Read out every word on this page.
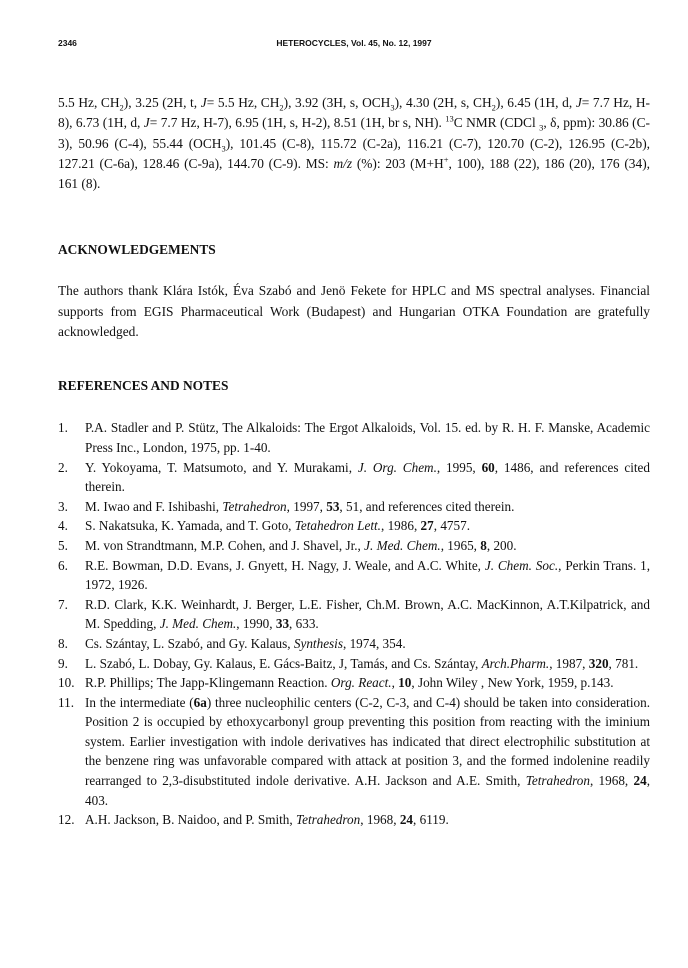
2346	HETEROCYCLES, Vol. 45, No. 12, 1997

5.5 Hz, $CH_2$), 3.25 (2H, t, J= 5.5 Hz, $CH_2$), 3.92 (3H, s, $OCH_3$), 4.30 (2H, s, $CH_2$), 6.45 (1H, d, J= 7.7 Hz, H-8), 6.73 (1H, d, J= 7.7 Hz, H-7), 6.95 (1H, s, H-2), 8.51 (1H, br s, NH). $^{13}$C NMR (CDCl $_3$, δ, ppm): 30.86 (C-3), 50.96 (C-4), 55.44 $(OCH_3)$, 101.45 (C-8), 115.72 (C-2a), 116.21 (C-7), 120.70 (C-2), 126.95 (C-2b), 127.21 (C-6a), 128.46 (C-9a), 144.70 (C-9). MS: m/z (%): 203 (M+H+, 100), 188 (22), 186 (20), 176 (34), 161 (8).

ACKNOWLEDGEMENTS

The authors thank Klára Istók, Éva Szabó and Jenö Fekete for HPLC and MS spectral analyses. Financial supports from EGIS Pharmaceutical Work (Budapest) and Hungarian OTKA Foundation are gratefully acknowledged.

REFERENCES AND NOTES
1.	P.A. Stadler and P. Stütz, The Alkaloids: The Ergot Alkaloids, Vol. 15. ed. by R. H. F. Manske, Academic Press Inc., London, 1975, pp. 1-40.
2.	Y. Yokoyama, T. Matsumoto, and Y. Murakami, J. Org. Chem., 1995, 60, 1486, and references cited therein.
3.	M. Iwao and F. Ishibashi, Tetrahedron, 1997, 53, 51, and references cited therein.
4.	S. Nakatsuka, K. Yamada, and T. Goto, Tetahedron Lett., 1986, 27, 4757.
5.	M. von Strandtmann, M.P. Cohen, and J. Shavel, Jr., J. Med. Chem., 1965, 8, 200.
6.	R.E. Bowman, D.D. Evans, J. Gnyett, H. Nagy, J. Weale, and A.C. White, J. Chem. Soc., Perkin Trans. 1, 1972, 1926.
7.	R.D. Clark, K.K. Weinhardt, J. Berger, L.E. Fisher, Ch.M. Brown, A.C. MacKinnon, A.T.Kilpatrick, and M. Spedding, J. Med. Chem., 1990, 33, 633.
8.	Cs. Szántay, L. Szabó, and Gy. Kalaus, Synthesis, 1974, 354.
9.	L. Szabó, L. Dobay, Gy. Kalaus, E. Gács-Baitz, J, Tamás, and Cs. Szántay, Arch.Pharm., 1987, 320, 781.
10. R.P. Phillips; The Japp-Klingemann Reaction. Org. React., 10, John Wiley , New York, 1959, p.143.
11. In the intermediate (6a) three nucleophilic centers (C-2, C-3, and C-4) should be taken into consideration. Position 2 is occupied by ethoxycarbonyl group preventing this position from reacting with the iminium system. Earlier investigation with indole derivatives has indicated that direct electrophilic substitution at the benzene ring was unfavorable compared with attack at position 3, and the formed indolenine readily rearranged to 2,3-disubstituted indole derivative. A.H. Jackson and A.E. Smith, Tetrahedron, 1968, 24, 403.
12. A.H. Jackson, B. Naidoo, and P. Smith, Tetrahedron, 1968, 24, 6119.
